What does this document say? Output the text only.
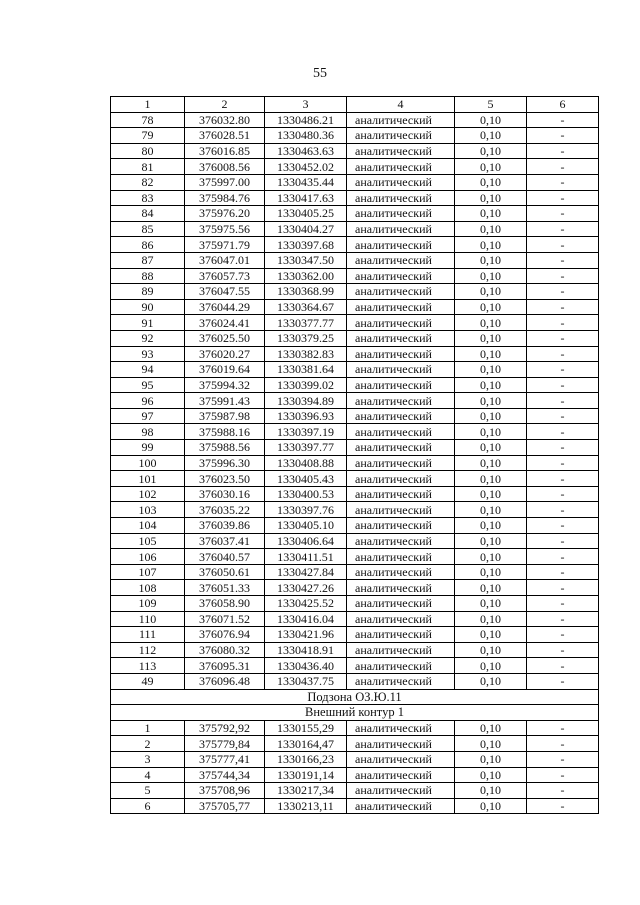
55
1	2	3	4	5	6
78	376032.80	1330486.21	аналитический	0,10	-
79	376028.51	1330480.36	аналитический	0,10	-
80	376016.85	1330463.63	аналитический	0,10	-
81	376008.56	1330452.02	аналитический	0,10	-
82	375997.00	1330435.44	аналитический	0,10	-
83	375984.76	1330417.63	аналитический	0,10	-
84	375976.20	1330405.25	аналитический	0,10	-
85	375975.56	1330404.27	аналитический	0,10	-
86	375971.79	1330397.68	аналитический	0,10	-
87	376047.01	1330347.50	аналитический	0,10	-
88	376057.73	1330362.00	аналитический	0,10	-
89	376047.55	1330368.99	аналитический	0,10	-
90	376044.29	1330364.67	аналитический	0,10	-
91	376024.41	1330377.77	аналитический	0,10	-
92	376025.50	1330379.25	аналитический	0,10	-
93	376020.27	1330382.83	аналитический	0,10	-
94	376019.64	1330381.64	аналитический	0,10	-
95	375994.32	1330399.02	аналитический	0,10	-
96	375991.43	1330394.89	аналитический	0,10	-
97	375987.98	1330396.93	аналитический	0,10	-
98	375988.16	1330397.19	аналитический	0,10	-
99	375988.56	1330397.77	аналитический	0,10	-
100	375996.30	1330408.88	аналитический	0,10	-
101	376023.50	1330405.43	аналитический	0,10	-
102	376030.16	1330400.53	аналитический	0,10	-
103	376035.22	1330397.76	аналитический	0,10	-
104	376039.86	1330405.10	аналитический	0,10	-
105	376037.41	1330406.64	аналитический	0,10	-
106	376040.57	1330411.51	аналитический	0,10	-
107	376050.61	1330427.84	аналитический	0,10	-
108	376051.33	1330427.26	аналитический	0,10	-
109	376058.90	1330425.52	аналитический	0,10	-
110	376071.52	1330416.04	аналитический	0,10	-
111	376076.94	1330421.96	аналитический	0,10	-
112	376080.32	1330418.91	аналитический	0,10	-
113	376095.31	1330436.40	аналитический	0,10	-
49	376096.48	1330437.75	аналитический	0,10	-
Подзона ОЗ.Ю.11					
Внешний контур 1					
1	375792,92	1330155,29	аналитический	0,10	-
2	375779,84	1330164,47	аналитический	0,10	-
3	375777,41	1330166,23	аналитический	0,10	-
4	375744,34	1330191,14	аналитический	0,10	-
5	375708,96	1330217,34	аналитический	0,10	-
6	375705,77	1330213,11	аналитический	0,10	-
